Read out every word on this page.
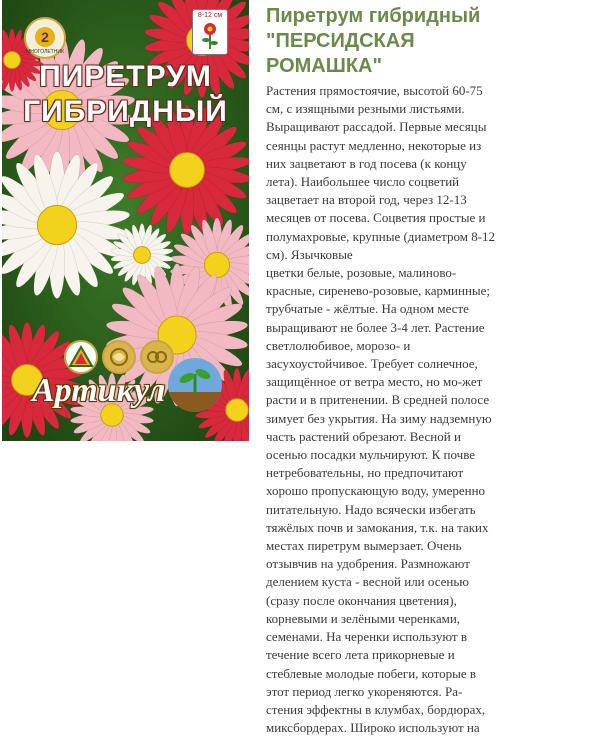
2
МНОГОЛЕТНИК
8-12 см
ПИРЕТРУМ
ГИБРИДНЫЙ
Артикул
Пиретрум гибридный
"ПЕРСИДСКАЯ
РОМАШКА"
Растения прямостоячие, высотой 60-75
см, с изящными резными листьями.
Выращивают рассадой. Первые месяцы
сеянцы растут медленно, некоторые из
них зацветают в год посева (к концу
лета). Наибольшее число соцветий
зацветает на второй год, через 12-13
месяцев от посева. Соцветия простые и
полумахровые, крупные (диаметром 8-12
см). Язычковые
цветки белые, розовые, малиново-
красные, сиренево-розовые, карминные;
трубчатые - жёлтые. На одном месте
выращивают не более 3-4 лет. Растение
светлолюбивое, морозо- и
засухоустойчивое. Требует солнечное,
защищённое от ветра место, но мо-жет
расти и в притенении. В средней полосе
зимует без укрытия. На зиму надземную
часть растений обрезают. Весной и
осенью посадки мульчируют. К почве
нетребовательны, но предпочитают
хорошо пропускающую воду, умеренно
питательную. Надо всячески избегать
тяжёлых почв и замокания, т.к. на таких
местах пиретрум вымерзает. Очень
отзывчив на удобрения. Размножают
делением куста - весной или осенью
(сразу после окончания цветения),
корневыми и зелёными черенками,
семенами. На черенки используют в
течение всего лета прикорневые и
стеблевые молодые побеги, которые в
этот период легко укореняются. Ра-
стения эффектны в клумбах, бордюрах,
миксбордерах. Широко используют на
